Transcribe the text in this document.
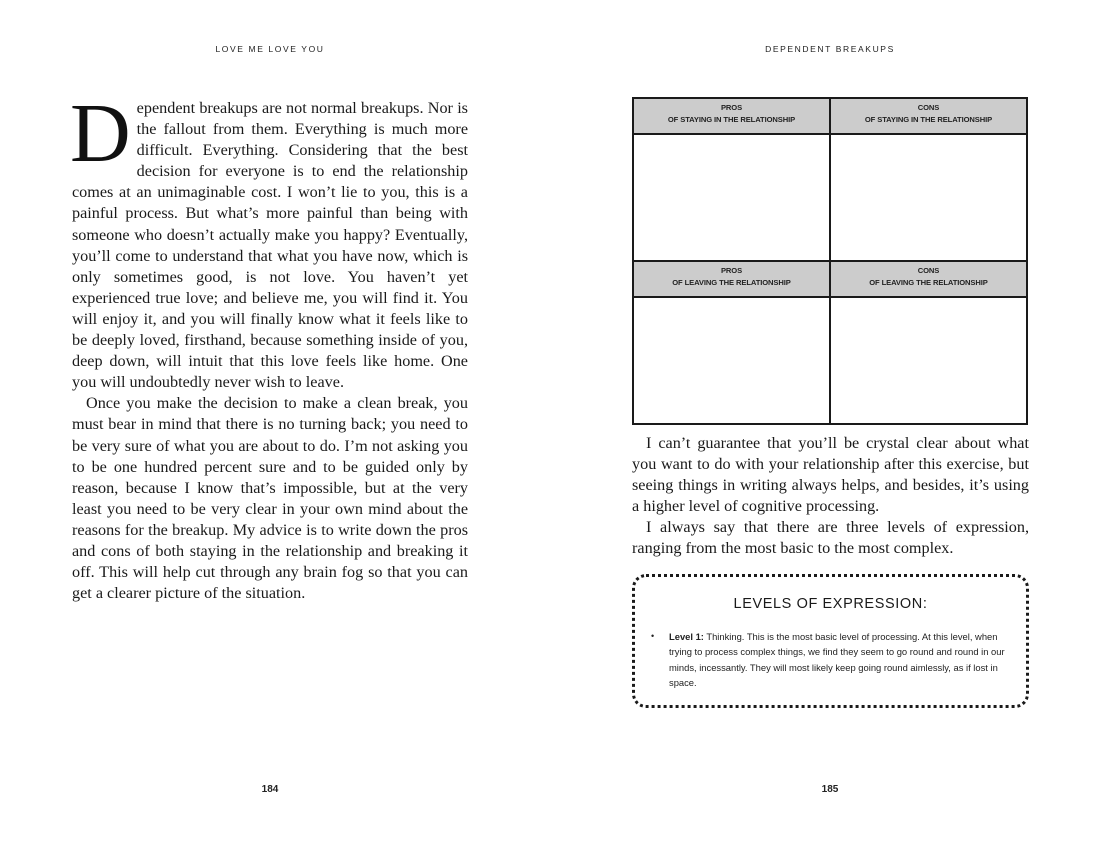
LOVE ME LOVE YOU

Dependent breakups are not normal breakups. Nor is the fallout from them. Everything is much more difficult. Everything. Considering that the best decision for everyone is to end the relationship comes at an unimaginable cost. I won’t lie to you, this is a painful process. But what’s more painful than being with someone who doesn’t actually make you happy? Eventually, you’ll come to understand that what you have now, which is only sometimes good, is not love. You haven’t yet experienced true love; and believe me, you will find it. You will enjoy it, and you will finally know what it feels like to be deeply loved, firsthand, because something inside of you, deep down, will intuit that this love feels like home. One you will undoubtedly never wish to leave.

Once you make the decision to make a clean break, you must bear in mind that there is no turning back; you need to be very sure of what you are about to do. I’m not asking you to be one hundred percent sure and to be guided only by reason, because I know that’s impossible, but at the very least you need to be very clear in your own mind about the reasons for the breakup. My advice is to write down the pros and cons of both staying in the relationship and breaking it off. This will help cut through any brain fog so that you can get a clearer picture of the situation.

184
DEPENDENT BREAKUPS
PROS
OF STAYING IN THE RELATIONSHIP
CONS
OF STAYING IN THE RELATIONSHIP
PROS
OF LEAVING THE RELATIONSHIP
CONS
OF LEAVING THE RELATIONSHIP

I can’t guarantee that you’ll be crystal clear about what you want to do with your relationship after this exercise, but seeing things in writing always helps, and besides, it’s using a higher level of cognitive processing.

I always say that there are three levels of expression, ranging from the most basic to the most complex.

LEVELS OF EXPRESSION:
• Level 1: Thinking. This is the most basic level of processing. At this level, when trying to process complex things, we find they seem to go round and round in our minds, incessantly. They will most likely keep going round aimlessly, as if lost in space.
185
